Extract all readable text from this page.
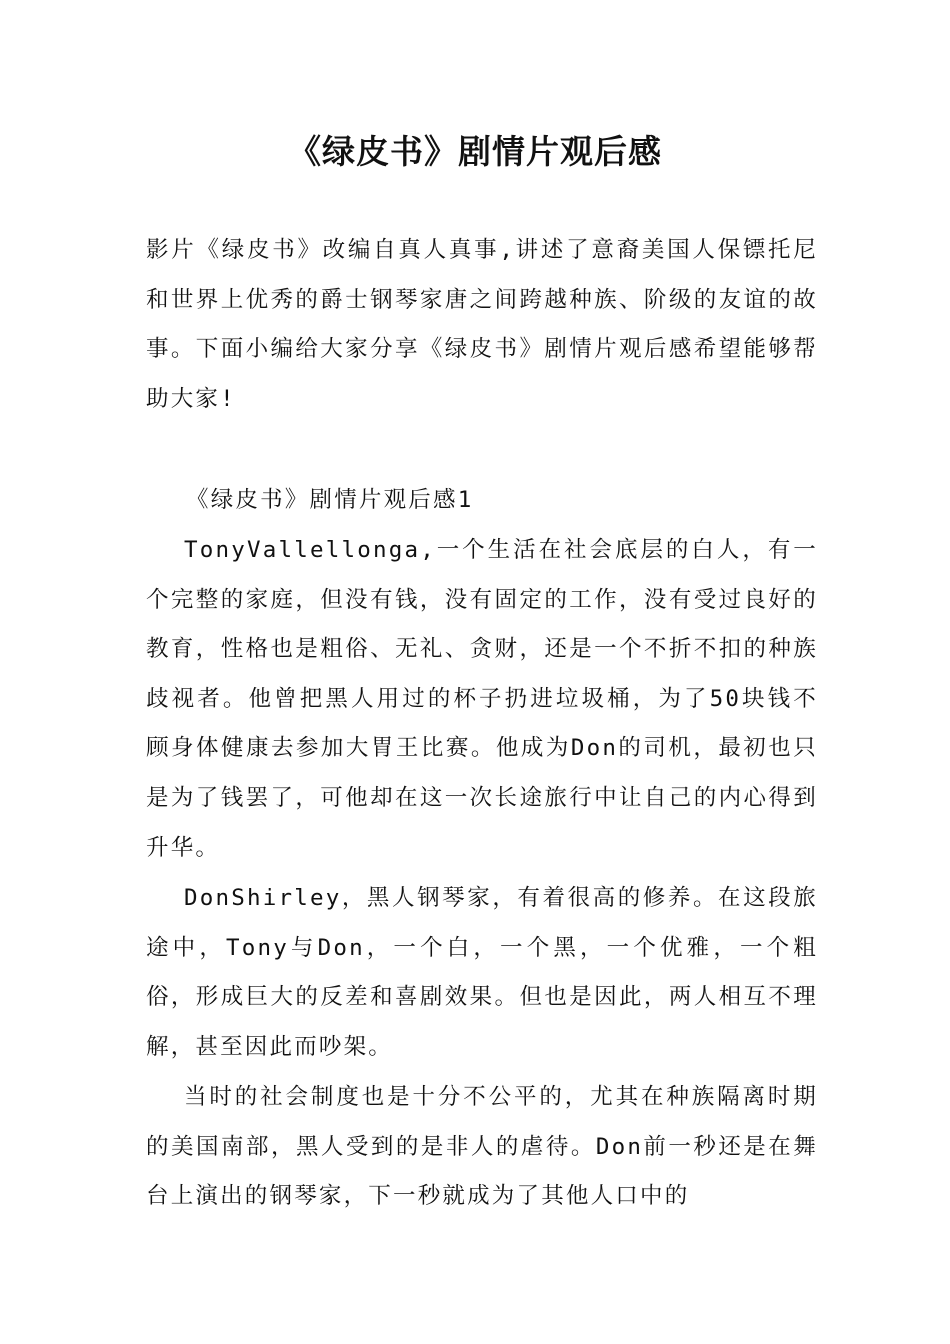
《绿皮书》剧情片观后感

影片《绿皮书》改编自真人真事,讲述了意裔美国人保镖托尼和世界上优秀的爵士钢琴家唐之间跨越种族、阶级的友谊的故事。下面小编给大家分享《绿皮书》剧情片观后感希望能够帮助大家!

《绿皮书》剧情片观后感1

TonyVallellonga,一个生活在社会底层的白人，有一个完整的家庭，但没有钱，没有固定的工作，没有受过良好的教育，性格也是粗俗、无礼、贪财，还是一个不折不扣的种族歧视者。他曾把黑人用过的杯子扔进垃圾桶，为了50块钱不顾身体健康去参加大胃王比赛。他成为Don的司机，最初也只是为了钱罢了，可他却在这一次长途旅行中让自己的内心得到升华。

DonShirley，黑人钢琴家，有着很高的修养。在这段旅途中，Tony与Don，一个白，一个黑，一个优雅，一个粗俗，形成巨大的反差和喜剧效果。但也是因此，两人相互不理解，甚至因此而吵架。

当时的社会制度也是十分不公平的，尤其在种族隔离时期的美国南部，黑人受到的是非人的虐待。Don前一秒还是在舞台上演出的钢琴家，下一秒就成为了其他人口中的
